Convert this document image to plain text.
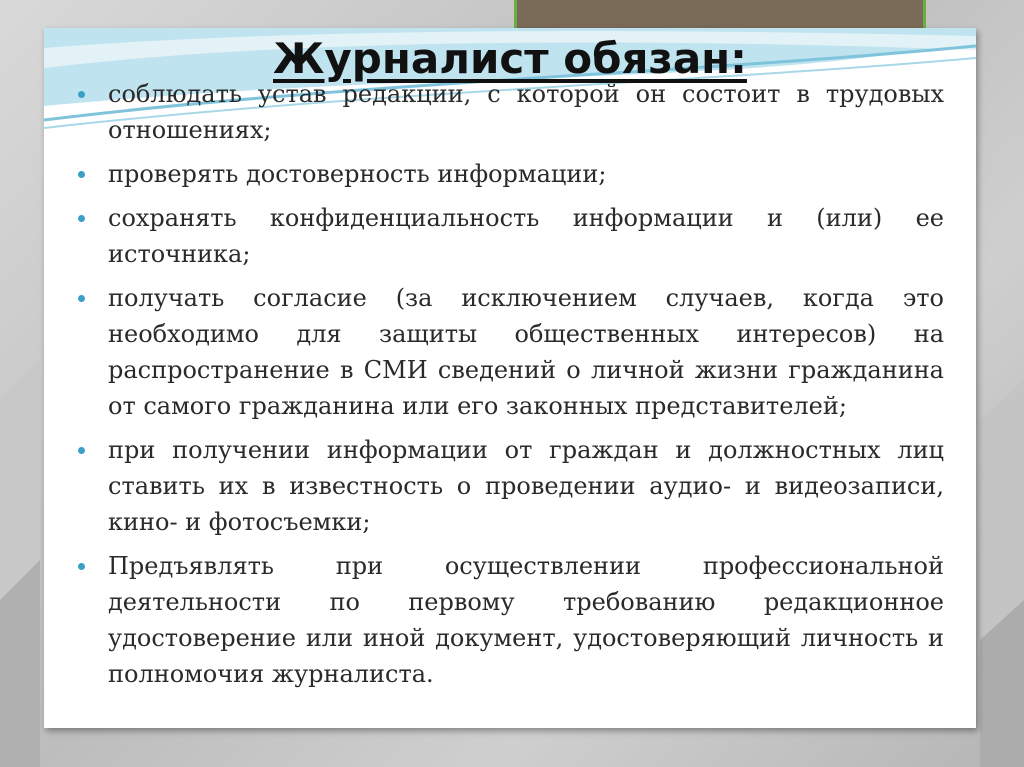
Журналист обязан:
соблюдать устав редакции, с которой он состоит в трудовых отношениях;
проверять достоверность информации;
сохранять конфиденциальность информации и (или) ее источника;
получать согласие (за исключением случаев, когда это необходимо для защиты общественных интересов) на распространение в СМИ сведений о личной жизни гражданина от самого гражданина или его законных представителей;
при получении информации от граждан и должностных лиц ставить их в известность о проведении аудио- и видеозаписи, кино- и фотосъемки;
Предъявлять при осуществлении профессиональной деятельности по первому требованию редакционное удостоверение или иной документ, удостоверяющий личность и полномочия журналиста.
